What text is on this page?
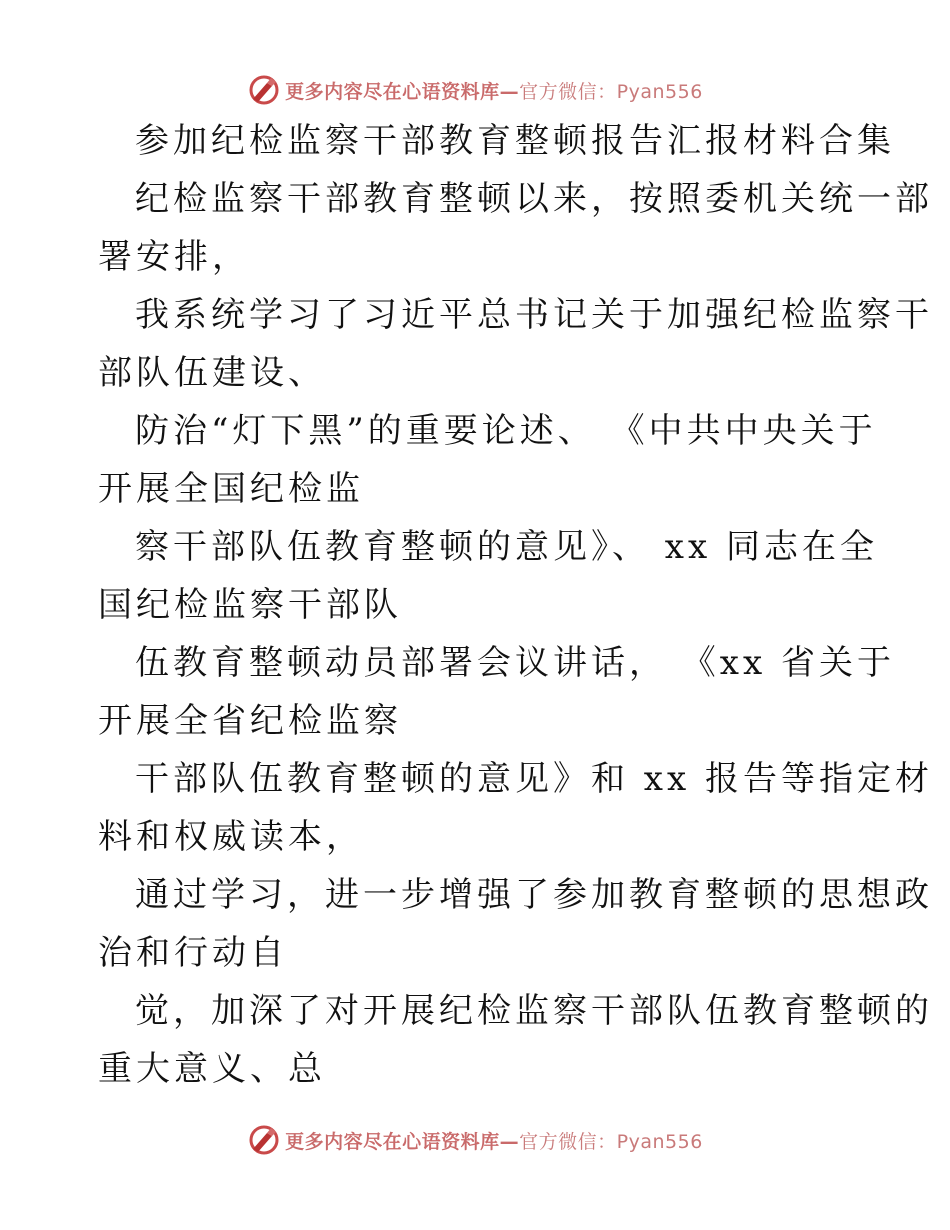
更多内容尽在心语资料库—官方微信：Pyan556
参加纪检监察干部教育整顿报告汇报材料合集
纪检监察干部教育整顿以来，按照委机关统一部
署安排，
我系统学习了习近平总书记关于加强纪检监察干
部队伍建设、
防治“灯下黑”的重要论述、 《中共中央关于
开展全国纪检监
察干部队伍教育整顿的意见》、 xx 同志在全
国纪检监察干部队
伍教育整顿动员部署会议讲话， 《xx 省关于
开展全省纪检监察
干部队伍教育整顿的意见》和 xx 报告等指定材
料和权威读本，
通过学习，进一步增强了参加教育整顿的思想政
治和行动自
觉，加深了对开展纪检监察干部队伍教育整顿的
重大意义、总
更多内容尽在心语资料库—官方微信：Pyan556
